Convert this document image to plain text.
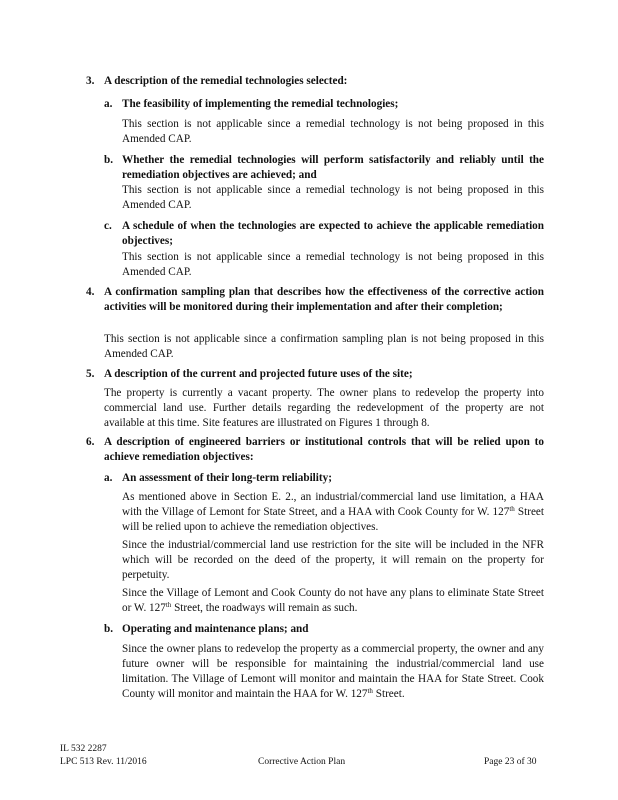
3. A description of the remedial technologies selected:
a. The feasibility of implementing the remedial technologies;
This section is not applicable since a remedial technology is not being proposed in this Amended CAP.
b. Whether the remedial technologies will perform satisfactorily and reliably until the remediation objectives are achieved; and
This section is not applicable since a remedial technology is not being proposed in this Amended CAP.
c. A schedule of when the technologies are expected to achieve the applicable remediation objectives;
This section is not applicable since a remedial technology is not being proposed in this Amended CAP.
4. A confirmation sampling plan that describes how the effectiveness of the corrective action activities will be monitored during their implementation and after their completion;
This section is not applicable since a confirmation sampling plan is not being proposed in this Amended CAP.
5. A description of the current and projected future uses of the site;
The property is currently a vacant property. The owner plans to redevelop the property into commercial land use. Further details regarding the redevelopment of the property are not available at this time. Site features are illustrated on Figures 1 through 8.
6. A description of engineered barriers or institutional controls that will be relied upon to achieve remediation objectives:
a. An assessment of their long-term reliability;
As mentioned above in Section E. 2., an industrial/commercial land use limitation, a HAA with the Village of Lemont for State Street, and a HAA with Cook County for W. 127th Street will be relied upon to achieve the remediation objectives.
Since the industrial/commercial land use restriction for the site will be included in the NFR which will be recorded on the deed of the property, it will remain on the property for perpetuity.
Since the Village of Lemont and Cook County do not have any plans to eliminate State Street or W. 127th Street, the roadways will remain as such.
b. Operating and maintenance plans; and
Since the owner plans to redevelop the property as a commercial property, the owner and any future owner will be responsible for maintaining the industrial/commercial land use limitation. The Village of Lemont will monitor and maintain the HAA for State Street. Cook County will monitor and maintain the HAA for W. 127th Street.
IL 532 2287
LPC 513 Rev. 11/2016	Corrective Action Plan	Page 23 of 30
